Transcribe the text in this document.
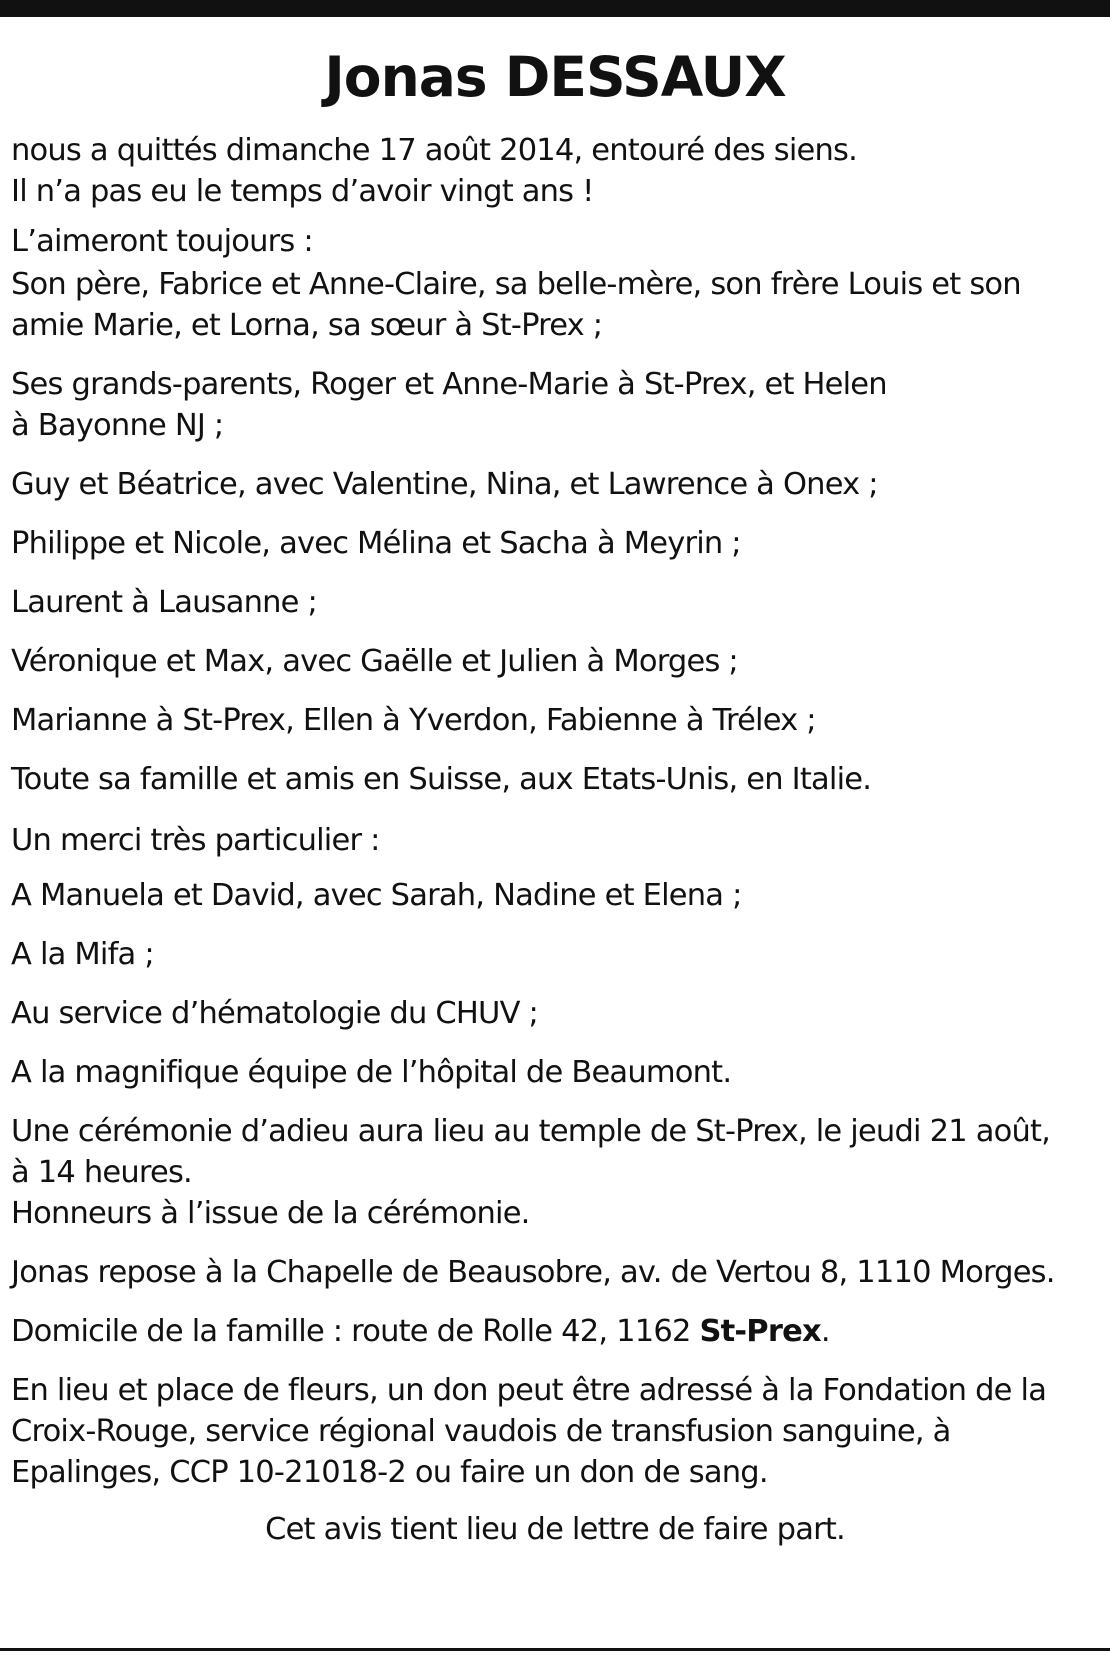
Jonas DESSAUX
nous a quittés dimanche 17 août 2014, entouré des siens.
Il n’a pas eu le temps d’avoir vingt ans !
L’aimeront toujours :
Son père, Fabrice et Anne-Claire, sa belle-mère, son frère Louis et son
amie Marie, et Lorna, sa sœur à St-Prex ;
Ses grands-parents, Roger et Anne-Marie à St-Prex, et Helen
à Bayonne NJ ;
Guy et Béatrice, avec Valentine, Nina, et Lawrence à Onex ;
Philippe et Nicole, avec Mélina et Sacha à Meyrin ;
Laurent à Lausanne ;
Véronique et Max, avec Gaëlle et Julien à Morges ;
Marianne à St-Prex, Ellen à Yverdon, Fabienne à Trélex ;
Toute sa famille et amis en Suisse, aux Etats-Unis, en Italie.
Un merci très particulier :
A Manuela et David, avec Sarah, Nadine et Elena ;
A la Mifa ;
Au service d’hématologie du CHUV ;
A la magnifique équipe de l’hôpital de Beaumont.
Une cérémonie d’adieu aura lieu au temple de St-Prex, le jeudi 21 août,
à 14 heures.
Honneurs à l’issue de la cérémonie.
Jonas repose à la Chapelle de Beausobre, av. de Vertou 8, 1110 Morges.
Domicile de la famille : route de Rolle 42, 1162 St-Prex.
En lieu et place de fleurs, un don peut être adressé à la Fondation de la
Croix-Rouge, service régional vaudois de transfusion sanguine, à
Epalinges, CCP 10-21018-2 ou faire un don de sang.
Cet avis tient lieu de lettre de faire part.
